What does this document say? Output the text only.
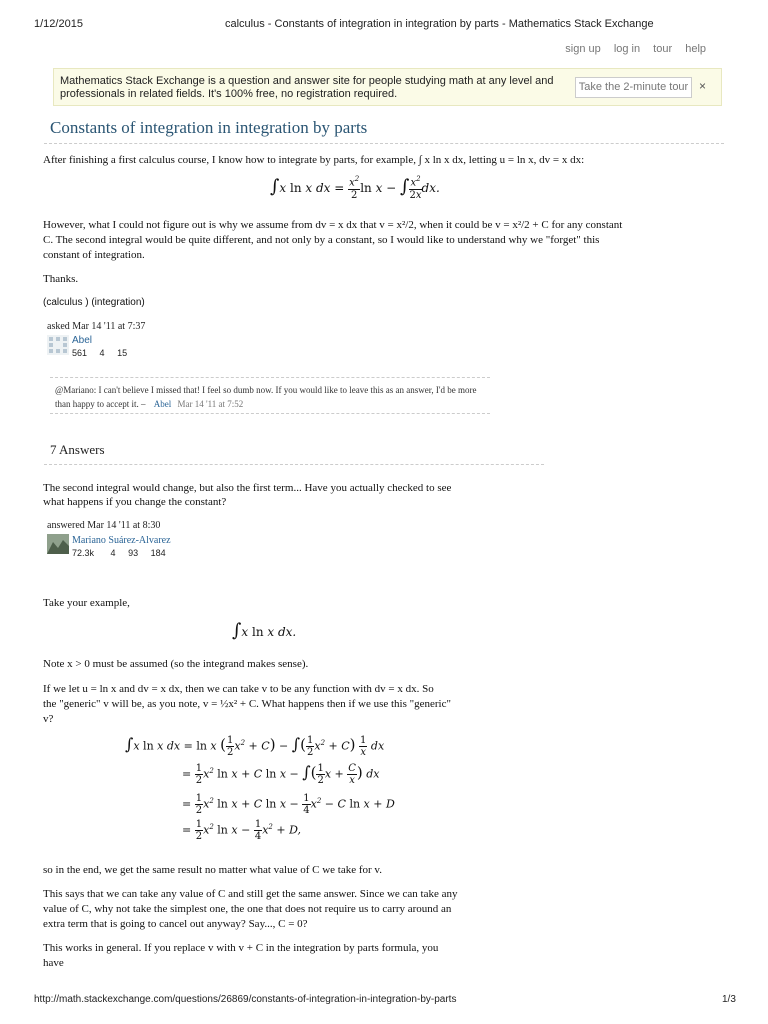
1/12/2015	calculus - Constants of integration in integration by parts - Mathematics Stack Exchange
http://math.stackexchange.com/questions/26869/constants-of-integration-in-integration-by-parts	1/3
sign up log in tour help
Mathematics Stack Exchange is a question and answer site for people studying math at any level and professionals in related fields. It's 100% free, no registration required.
Take the 2-minute tour ×
Constants of integration in integration by parts
After finishing a first calculus course, I know how to integrate by parts, for example, ∫ x ln x dx, letting u = ln x, dv = x dx:
∫x ln x dx = $\frac{x^2}{2}$ ln x − ∫ $\frac{x^2}{2x}$ dx.
However, what I could not figure out is why we assume from dv = x dx that v = x²/2, when it could be v = x²/2 + C for any constant
C. The second integral would be quite different, and not only by a constant, so I would like to understand why we "forget" this
constant of integration.
Thanks.
(calculus ) (integration)
asked Mar 14 '11 at 7:37
Abel
561 4 15
@Mariano: I can't believe I missed that! I feel so dumb now. If you would like to leave this as an answer, I'd be more
than happy to accept it. – Abel Mar 14 '11 at 7:52
7 Answers
The second integral would change, but also the first term... Have you actually checked to see
what happens if you change the constant?
answered Mar 14 '11 at 8:30
Mariano Suárez-Alvarez
72.3k 4 93 184
Take your example,
∫x ln x dx.
Note x > 0 must be assumed (so the integrand makes sense).
If we let u = ln x and dv = x dx, then we can take v to be any function with dv = x dx. So
the "generic" v will be, as you note, v = ½x² + C. What happens then if we use this "generic"
v?
∫x ln x dx = ln x ( $\frac{1}{2} x^2 + C$) − ∫( $\frac{1}{2} x^2 + C) \frac{1}{x}$ dx
= $\frac{1}{2} x^2$ ln x + C ln x − ∫( $\frac{1}{2}$ $x + \frac{C}{x}$ ) dx
= $\frac{1}{2} x^2$ ln x + C $\ln x - \frac{1}{4} x^2 - C$ ln x + D
= $\frac{1}{2} x^2$ $\ln x - \frac{1}{4} x^2 + D$,
so in the end, we get the same result no matter what value of C we take for v.
This says that we can take any value of C and still get the same answer. Since we can take any
value of C, why not take the simplest one, the one that does not require us to carry around an
extra term that is going to cancel out anyway? Say..., C = 0?
This works in general. If you replace v with v + C in the integration by parts formula, you
have
